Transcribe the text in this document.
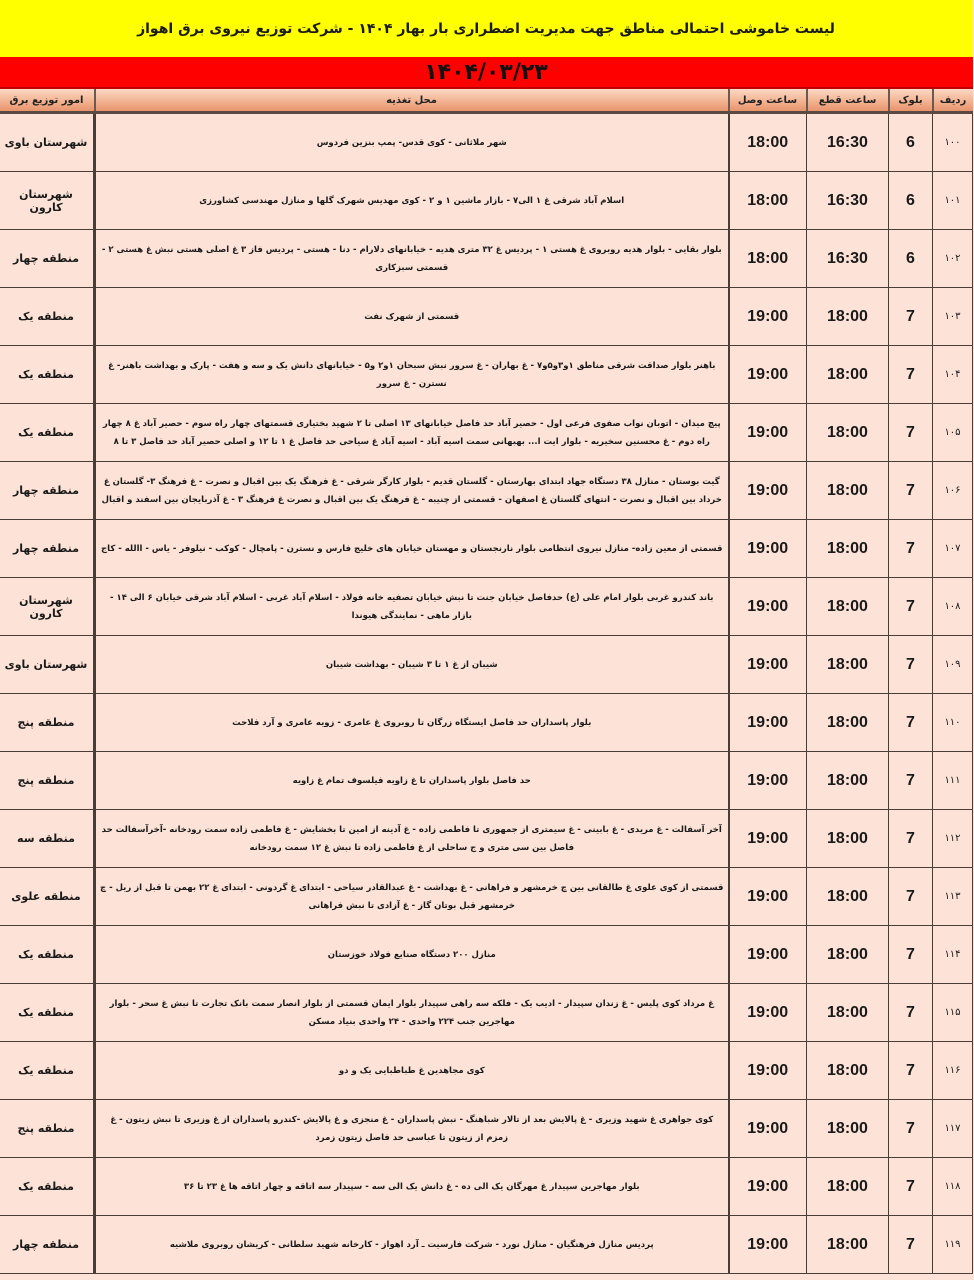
لیست خاموشی احتمالی مناطق جهت مدیریت اضطراری بار بهار ۱۴۰۴ - شرکت توزیع نیروی برق اهواز
۱۴۰۴/۰۳/۲۳
ردیف	بلوک	ساعت قطع	ساعت وصل	محل تغذیه	امور توزیع برق
۱۰۰	6	16:30	18:00	شهر ملاثانی - کوی قدس- پمپ بنزین فردوس	شهرستان باوی
۱۰۱	6	16:30	18:00	اسلام آباد شرقی غ ۱ الی۷ - بازار ماشین ۱ و ۲ - کوی مهدیس شهرک گلها و منازل مهندسی کشاورزی	شهرستان کارون
۱۰۲	6	16:30	18:00	بلوار بقایی - بلوار هدیه روبروی غ هستی ۱ - پردیس غ ۳۲ متری هدیه - خیابانهای دلارام - دنا - هستی - پردیس فاز ۳ غ اصلی هستی نبش غ هستی ۲ - قسمتی سبزکاری	منطقه چهار
۱۰۳	7	18:00	19:00	قسمتی از شهرک نفت	منطقه یک
۱۰۴	7	18:00	19:00	باهنر بلوار صداقت شرقی مناطق ۱و۳و۵و۷ - غ بهاران - غ سرور نبش سبحان ۱و۲ و۵ - خیابانهای دانش یک و سه و هفت - پارک و بهداشت باهنر- غ نسترن - غ سرور	منطقه یک
۱۰۵	7	18:00	19:00	پیچ میدان - اتوبان نواب صفوی فرعی اول - حصیر آباد حد فاصل خیابانهای ۱۳ اصلی تا ۲ شهید بختیاری قسمتهای چهار راه سوم - حصیر آباد غ ۸ چهار راه دوم - غ محسنین سخیریه - بلوار ایت ا... بهبهانی سمت اسیه آباد - اسیه آباد غ سیاحی حد فاصل غ ۱ تا ۱۲ و اصلی حصیر آباد حد فاصل ۳ تا ۸	منطقه یک
۱۰۶	7	18:00	19:00	گیت بوستان - منازل ۳۸ دستگاه جهاد ابتدای بهارستان - گلستان قدیم - بلوار کارگر شرقی - غ فرهنگ یک بین اقبال و نصرت - غ فرهنگ ۳- گلستان غ خرداد بین اقبال و نصرت - انتهای گلستان غ اصفهان - قسمتی از چنیبه - غ فرهنگ یک بین اقبال و نصرت غ فرهنگ ۳ - غ آذربایجان بین اسفند و اقبال	منطقه چهار
۱۰۷	7	18:00	19:00	قسمتی از معین زاده- منازل نیروی انتظامی بلوار نارنجستان و مهستان خیابان های خلیج فارس و نسترن - پامچال - کوکب - نیلوفر - یاس - االله - کاج	منطقه چهار
۱۰۸	7	18:00	19:00	باند کندرو غربی بلوار امام علی (ع) حدفاصل خیابان جنت تا نبش خیابان تصفیه خانه فولاد - اسلام آباد غربی - اسلام آباد شرقی خیابان ۶ الی ۱۴ - بازار ماهی - نمایندگی هیوندا	شهرستان کارون
۱۰۹	7	18:00	19:00	شیبان از غ ۱ تا ۳ شیبان - بهداشت شیبان	شهرستان باوی
۱۱۰	7	18:00	19:00	بلوار پاسداران حد فاصل ایستگاه زرگان تا روبروی غ عامری - زویه عامری و آرد فلاحت	منطقه پنج
۱۱۱	7	18:00	19:00	حد فاصل بلوار پاسداران تا غ زاویه فیلسوف تمام غ زاویه	منطقه پنج
۱۱۲	7	18:00	19:00	آخر آسفالت - غ مریدی - غ بابینی - غ سیمتری از جمهوری تا فاطمی زاده - غ آدینه از امین تا بخشایش - غ فاطمی زاده سمت رودخانه -آخرآسفالت حد فاصل بین سی متری و ج ساحلی از غ فاطمی زاده تا نبش غ ۱۲ سمت رودخانه	منطقه سه
۱۱۳	7	18:00	19:00	قسمتی از کوی علوی غ طالقانی بین چ خرمشهر و فراهانی - غ بهداشت - غ عبدالقادر سیاحی - ابتدای غ گردونی - ابتدای غ ۲۲ بهمن تا قبل از ریل - چ خرمشهر قبل بوتان گاز - غ آزادی تا نبش فراهانی	منطقه علوی
۱۱۴	7	18:00	19:00	منازل ۲۰۰ دستگاه صنایع فولاد خوزستان	منطقه یک
۱۱۵	7	18:00	19:00	غ مرداد کوی پلیس - غ زندان سپیدار - ادیب یک - فلکه سه راهی سپیدار بلوار ایمان قسمتی از بلوار انصار سمت بانک تجارت تا نبش غ سحر - بلوار مهاجرین جنب ۲۲۴ واحدی - ۲۴ واحدی بنیاد مسکن	منطقه یک
۱۱۶	7	18:00	19:00	کوی مجاهدین غ طباطبایی یک و دو	منطقه یک
۱۱۷	7	18:00	19:00	کوی جواهری غ شهید وزیری - غ پالایش بعد از تالار شباهنگ - نبش پاسداران - غ منجزی و غ پالایش -کندرو پاسداران از غ وزیری تا نبش زیتون - غ زمزم از زیتون تا عباسی حد فاصل زیتون زمرد	منطقه پنج
۱۱۸	7	18:00	19:00	بلوار مهاجرین سپیدار غ مهرگان یک الی ده - غ دانش یک الی سه - سپیدار سه اتاقه و چهار اتاقه ها غ ۲۳ تا ۳۶	منطقه یک
۱۱۹	7	18:00	19:00	پردیس منازل فرهنگیان - منازل نورد - شرکت فارسیت ـ آرد اهواز - کارخانه شهید سلطانی - کریشان روبروی ملاشیه	منطقه چهار
